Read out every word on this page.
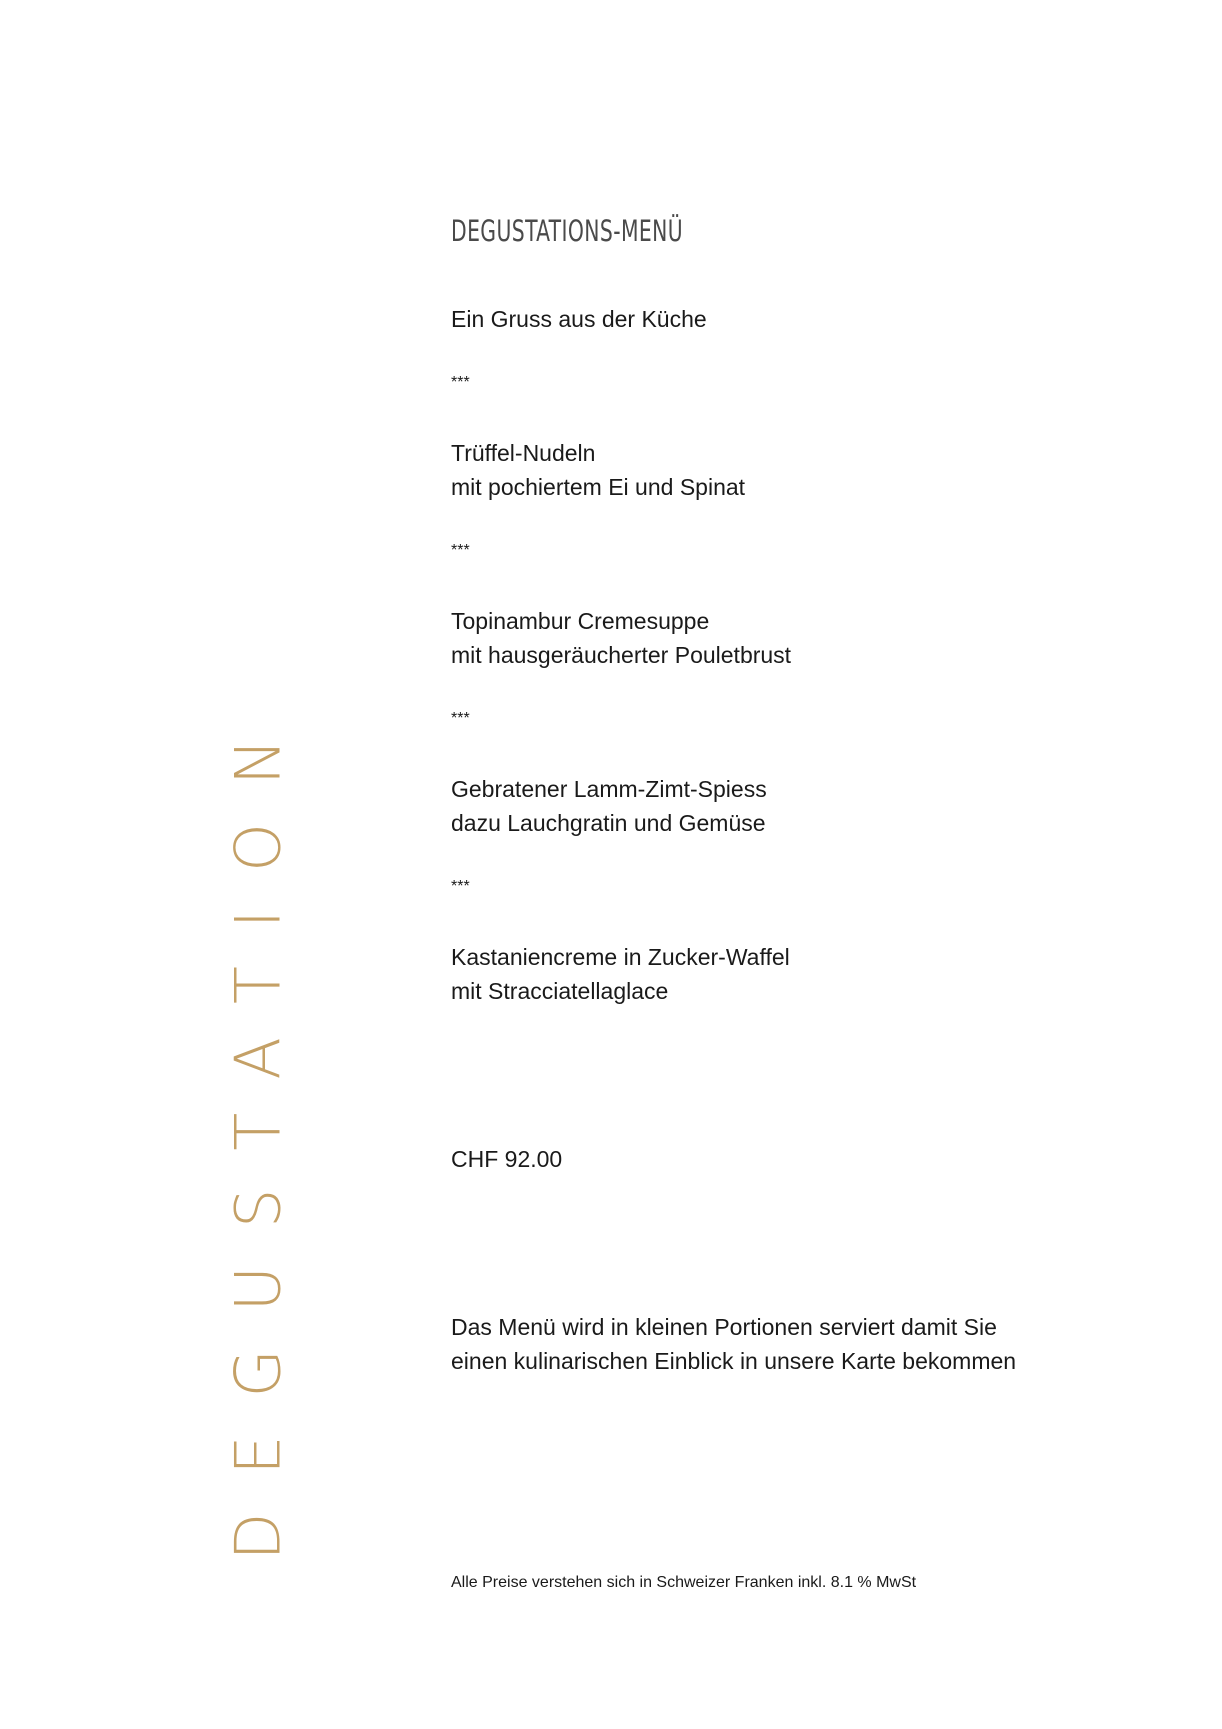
DEGUSTATION
DEGUSTATIONS-MENÜ
Ein Gruss aus der Küche
***
Trüffel-Nudeln
mit pochiertem Ei und Spinat
***
Topinambur Cremesuppe
mit hausgeräucherter Pouletbrust
***
Gebratener Lamm-Zimt-Spiess
dazu Lauchgratin und Gemüse
***
Kastaniencreme in Zucker-Waffel
mit Stracciatellaglace
CHF 92.00
Das Menü wird in kleinen Portionen serviert damit Sie
einen kulinarischen Einblick in unsere Karte bekommen
Alle Preise verstehen sich in Schweizer Franken inkl. 8.1 % MwSt
